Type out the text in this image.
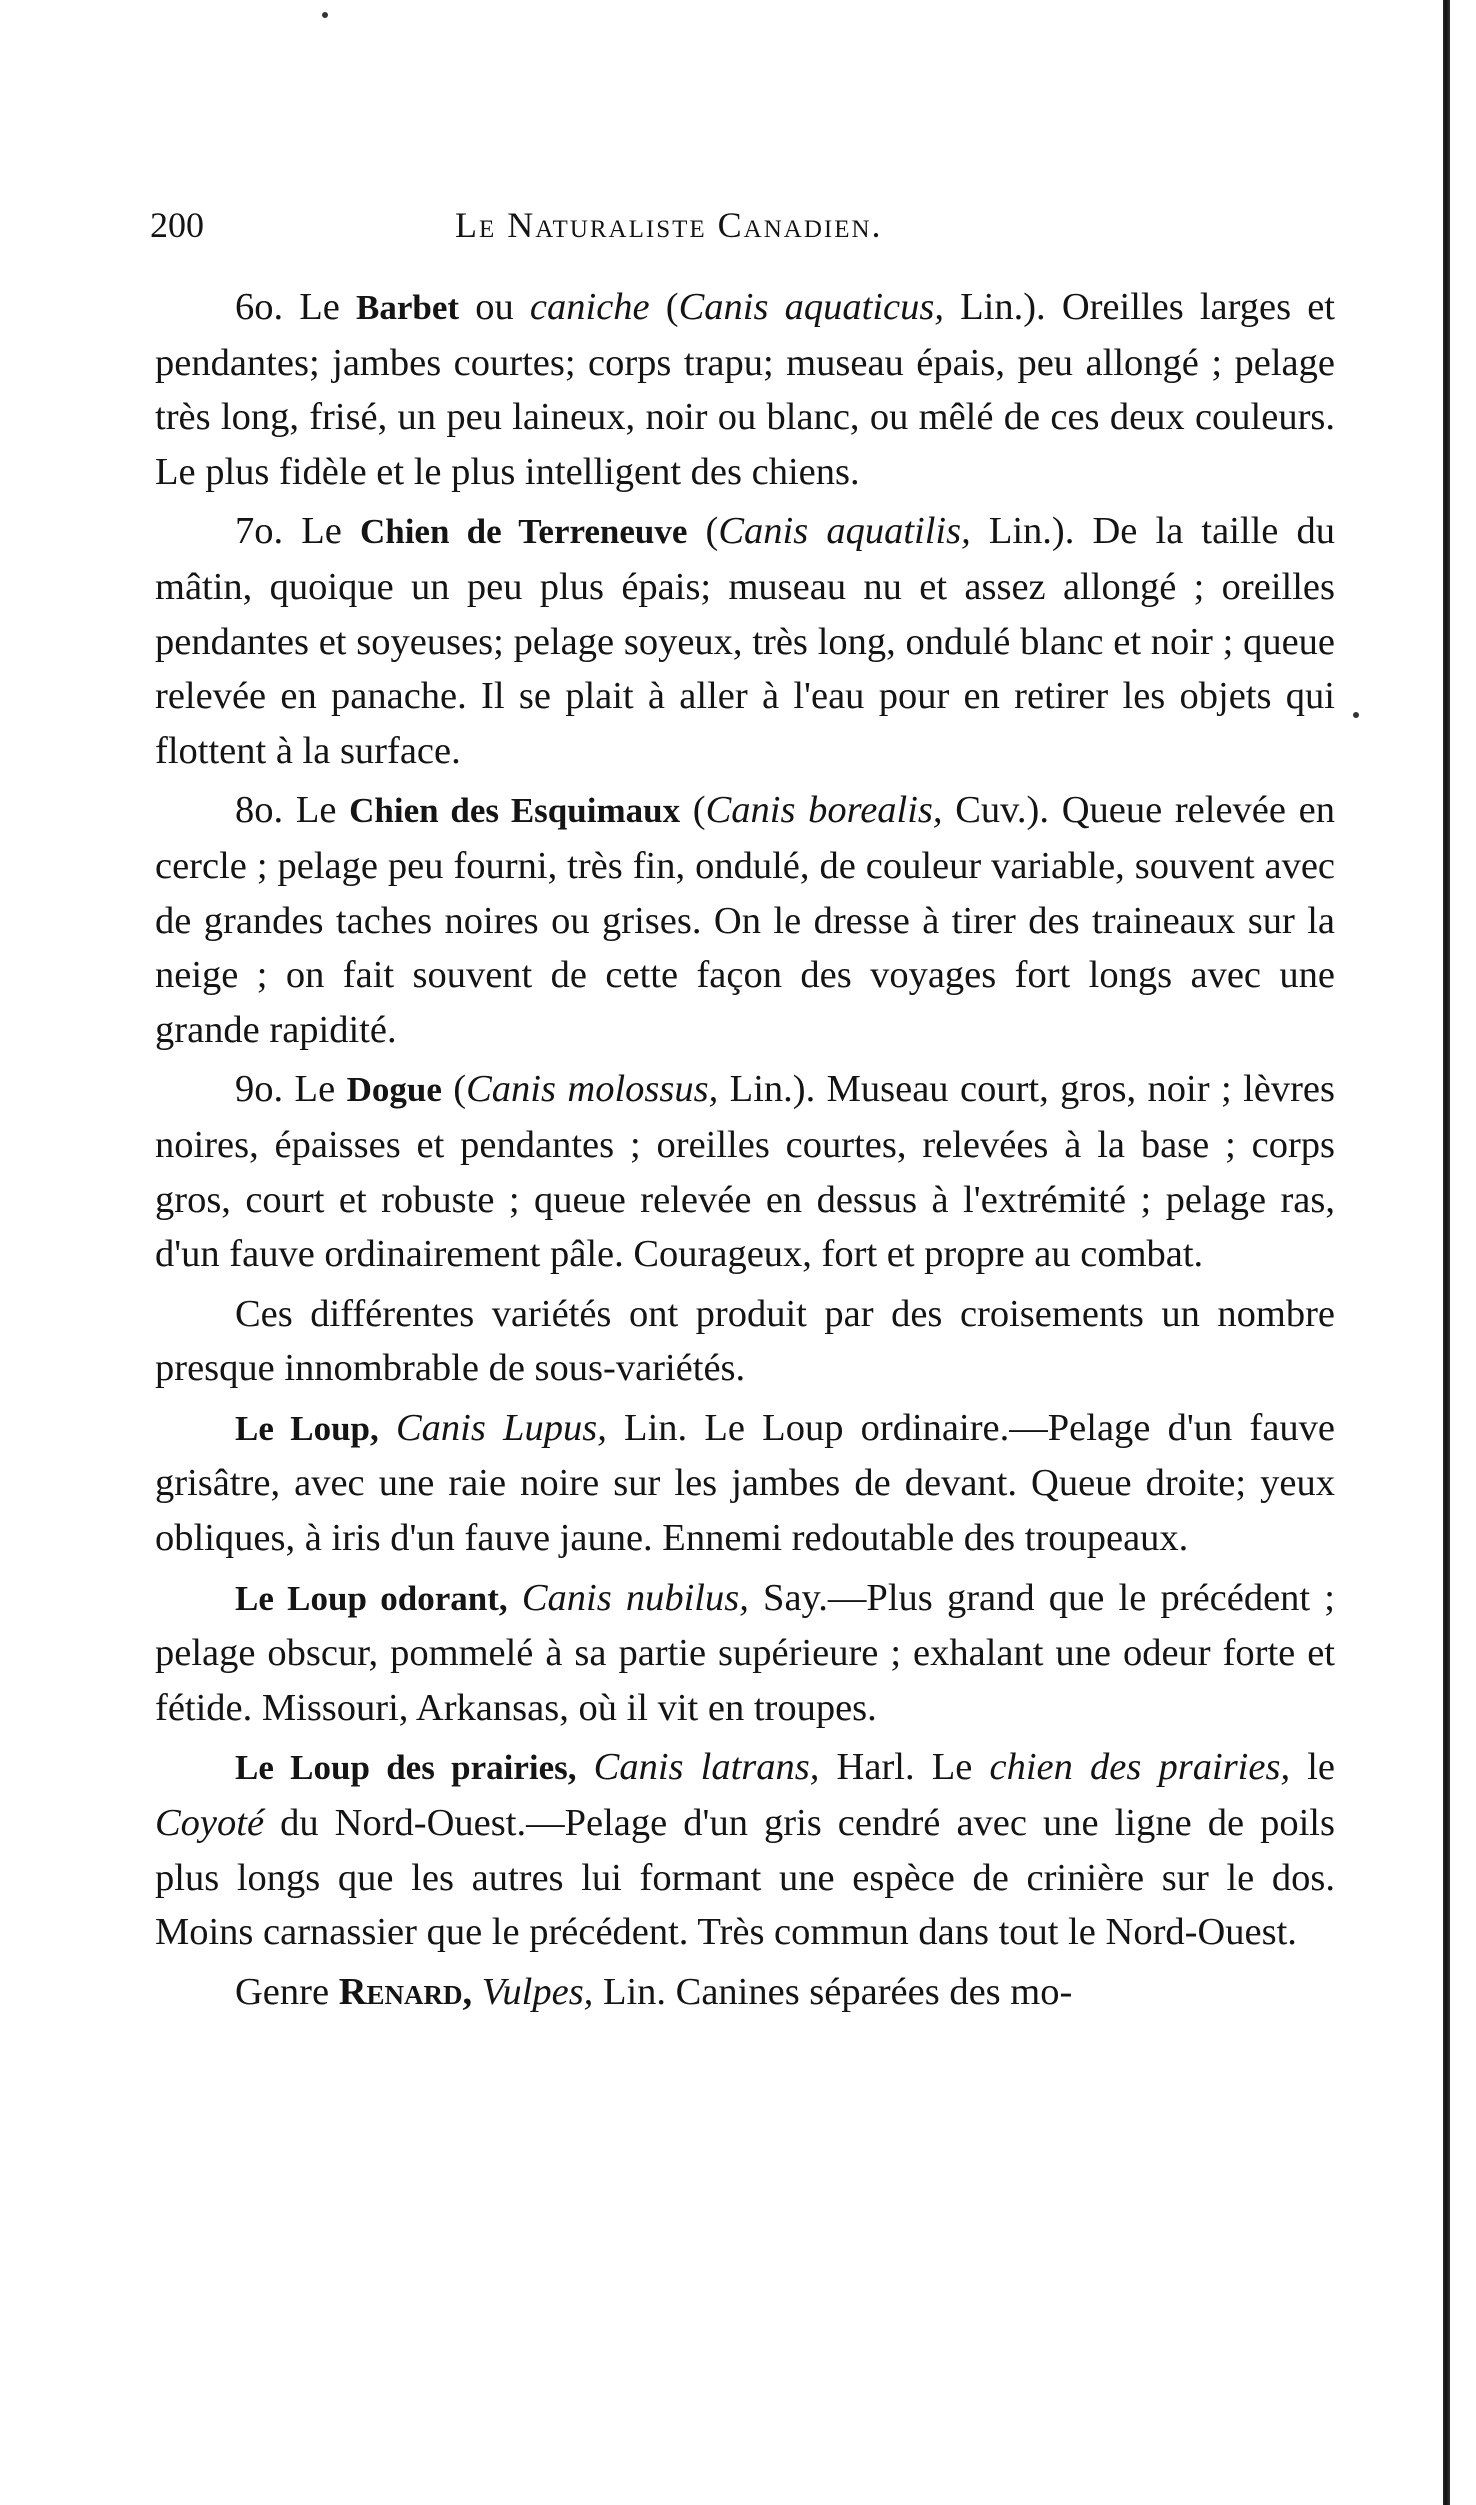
200	Le Naturaliste Canadien.

6o. Le Barbet ou caniche (Canis aquaticus, Lin.). Oreilles larges et pendantes; jambes courtes; corps trapu; museau épais, peu allongé ; pelage très long, frisé, un peu laineux, noir ou blanc, ou mêlé de ces deux couleurs. Le plus fidèle et le plus intelligent des chiens.

7o. Le Chien de Terreneuve (Canis aquatilis, Lin.). De la taille du mâtin, quoique un peu plus épais; museau nu et assez allongé ; oreilles pendantes et soyeuses; pelage soyeux, très long, ondulé blanc et noir ; queue relevée en panache. Il se plait à aller à l'eau pour en retirer les objets qui flottent à la surface.

8o. Le Chien des Esquimaux (Canis borealis, Cuv.). Queue relevée en cercle ; pelage peu fourni, très fin, ondulé, de couleur variable, souvent avec de grandes taches noires ou grises. On le dresse à tirer des traineaux sur la neige ; on fait souvent de cette façon des voyages fort longs avec une grande rapidité.

9o. Le Dogue (Canis molossus, Lin.). Museau court, gros, noir ; lèvres noires, épaisses et pendantes ; oreilles courtes, relevées à la base ; corps gros, court et robuste ; queue relevée en dessus à l'extrémité ; pelage ras, d'un fauve ordinairement pâle. Courageux, fort et propre au combat.

Ces différentes variétés ont produit par des croisements un nombre presque innombrable de sous-variétés.

Le Loup, Canis Lupus, Lin. Le Loup ordinaire.—Pelage d'un fauve grisâtre, avec une raie noire sur les jambes de devant. Queue droite; yeux obliques, à iris d'un fauve jaune. Ennemi redoutable des troupeaux.

Le Loup odorant, Canis nubilus, Say.—Plus grand que le précédent ; pelage obscur, pommelé à sa partie supérieure ; exhalant une odeur forte et fétide. Missouri, Arkansas, où il vit en troupes.

Le Loup des prairies, Canis latrans, Harl. Le chien des prairies, le Coyoté du Nord-Ouest.—Pelage d'un gris cendré avec une ligne de poils plus longs que les autres lui formant une espèce de crinière sur le dos. Moins carnassier que le précédent. Très commun dans tout le Nord-Ouest.

Genre Renard, Vulpes, Lin. Canines séparées des mo-
